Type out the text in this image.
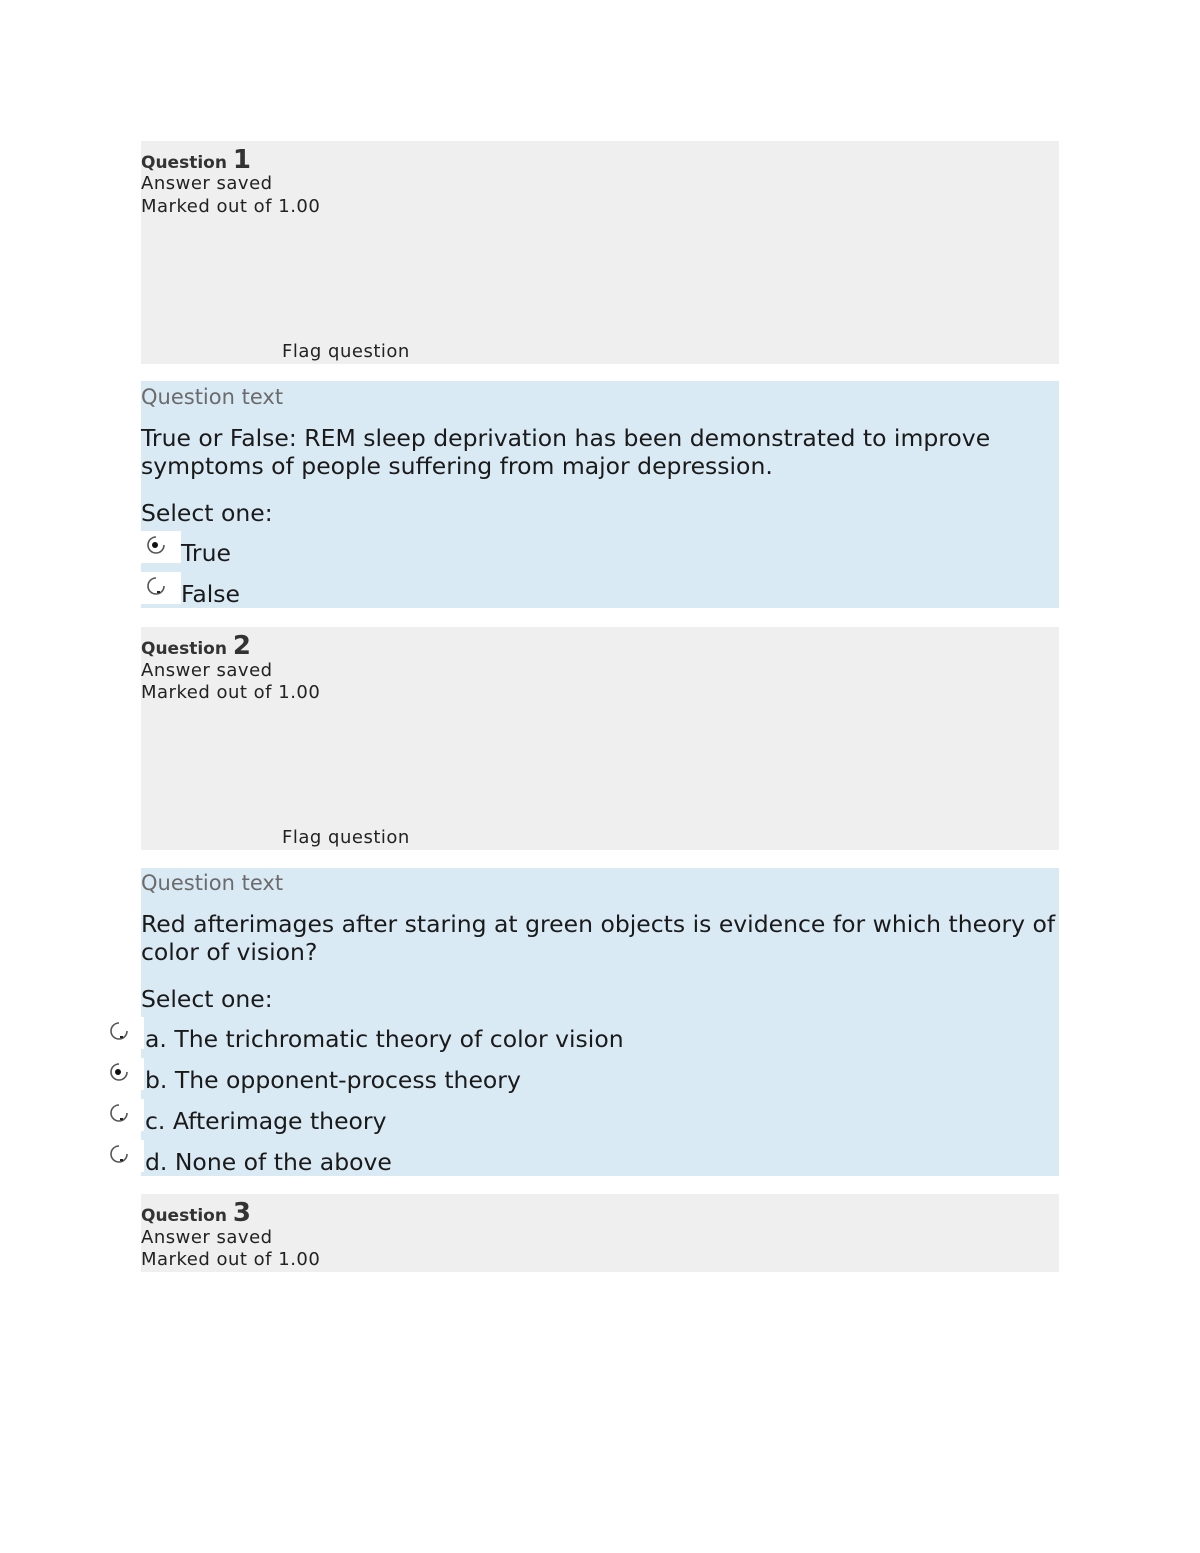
Question 1
Answer saved
Marked out of 1.00
Flag question
Question text
True or False: REM sleep deprivation has been demonstrated to improve symptoms of people suffering from major depression.
Select one:
True
False
Question 2
Answer saved
Marked out of 1.00
Flag question
Question text
Red afterimages after staring at green objects is evidence for which theory of color of vision?
Select one:
a. The trichromatic theory of color vision
b. The opponent-process theory
c. Afterimage theory
d. None of the above
Question 3
Answer saved
Marked out of 1.00
